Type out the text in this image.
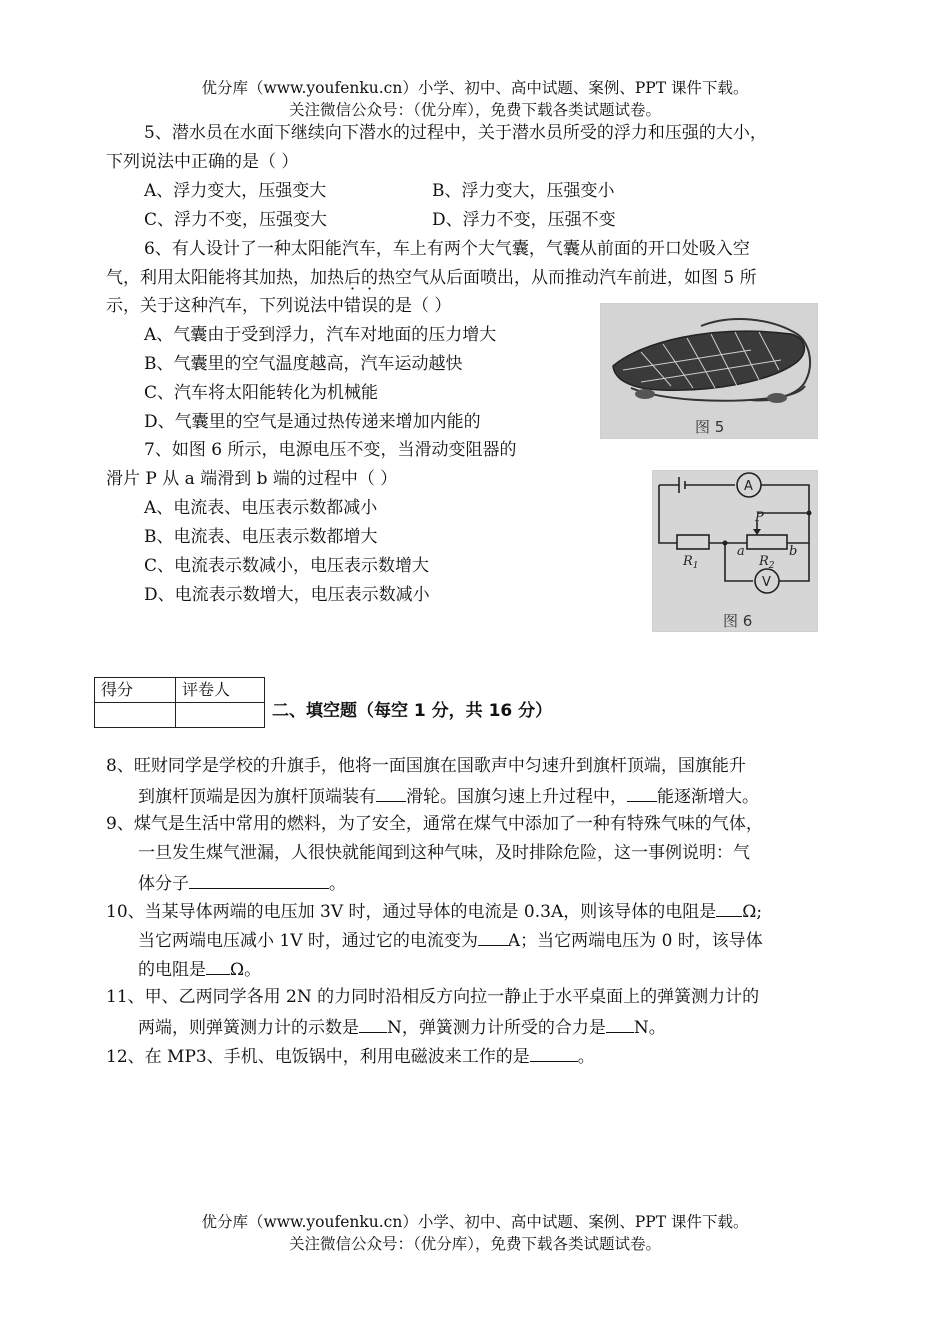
优分库（www.youfenku.cn）小学、初中、高中试题、案例、PPT 课件下载。
关注微信公众号：（优分库），免费下载各类试题试卷。
5、潜水员在水面下继续向下潜水的过程中，关于潜水员所受的浮力和压强的大小，
下列说法中正确的是（ ）
A、浮力变大，压强变大	B、浮力变大，压强变小
C、浮力不变，压强变大	D、浮力不变，压强不变
6、有人设计了一种太阳能汽车，车上有两个大气囊，气囊从前面的开口处吸入空
气，利用太阳能将其加热，加热后的热空气从后面喷出，从而推动汽车前进，如图 5 所
示，关于这种汽车，下列说法中错误的是（ ）
A、气囊由于受到浮力，汽车对地面的压力增大
B、气囊里的空气温度越高，汽车运动越快
C、汽车将太阳能转化为机械能
D、气囊里的空气是通过热传递来增加内能的	图 5
7、如图 6 所示，电源电压不变，当滑动变阻器的
滑片 P 从 a 端滑到 b 端的过程中（ ）
A、电流表、电压表示数都减小
B、电流表、电压表示数都增大
C、电流表示数减小，电压表示数增大
D、电流表示数增大，电压表示数减小
A
V
P
$R_1$	$R_2$
a	b
图 6
得分	评卷人

二、填空题（每空 1 分，共 16 分）
8、旺财同学是学校的升旗手，他将一面国旗在国歌声中匀速升到旗杆顶端，国旗能升
到旗杆顶端是因为旗杆顶端装有 滑轮。国旗匀速上升过程中， 能逐渐增大。
9、煤气是生活中常用的燃料，为了安全，通常在煤气中添加了一种有特殊气味的气体，
一旦发生煤气泄漏，人很快就能闻到这种气味，及时排除危险，这一事例说明：气
体分子	。
10、当某导体两端的电压加 3V 时，通过导体的电流是 0.3A，则该导体的电阻是 Ω;
当它两端电压减小 1V 时，通过它的电流变为 A；当它两端电压为 0 时，该导体
的电阻是 Ω。
11、甲、乙两同学各用 2N 的力同时沿相反方向拉一静止于水平桌面上的弹簧测力计的
两端，则弹簧测力计的示数是 N，弹簧测力计所受的合力是 N。
12、在 MP3、手机、电饭锅中，利用电磁波来工作的是	。
优分库（www.youfenku.cn）小学、初中、高中试题、案例、PPT 课件下载。
关注微信公众号：（优分库），免费下载各类试题试卷。
